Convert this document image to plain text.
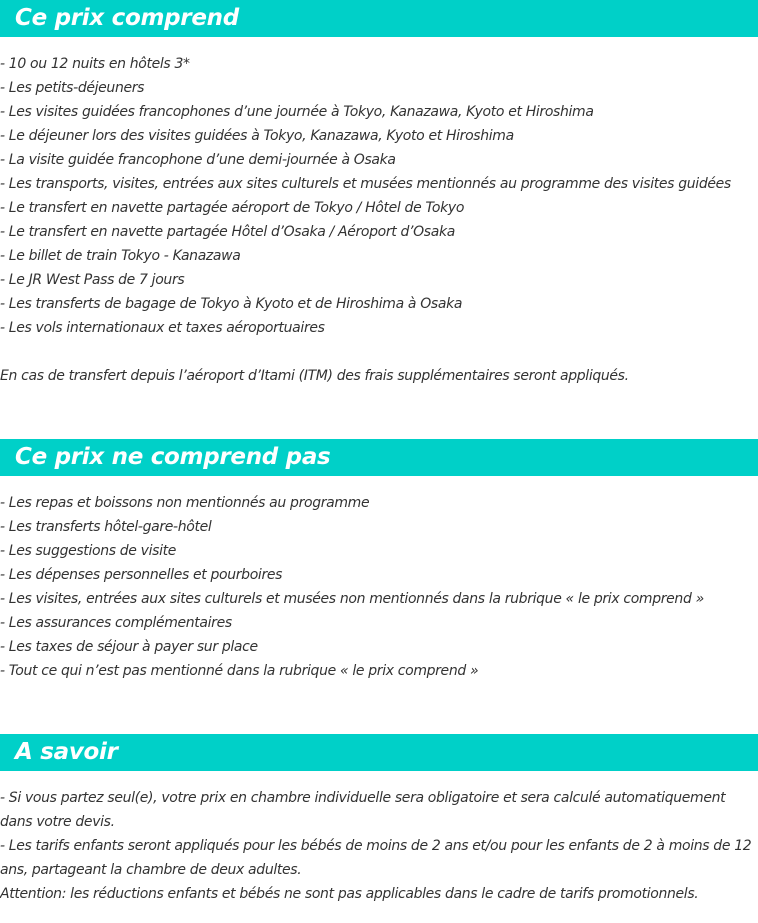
Ce prix comprend

- 10 ou 12 nuits en hôtels 3*

- Les petits-déjeuners

- Les visites guidées francophones d’une journée à Tokyo, Kanazawa, Kyoto et Hiroshima

- Le déjeuner lors des visites guidées à Tokyo, Kanazawa, Kyoto et Hiroshima

- La visite guidée francophone d’une demi-journée à Osaka

- Les transports, visites, entrées aux sites culturels et musées mentionnés au programme des visites guidées

- Le transfert en navette partagée aéroport de Tokyo / Hôtel de Tokyo

- Le transfert en navette partagée Hôtel d’Osaka / Aéroport d’Osaka

- Le billet de train Tokyo - Kanazawa

- Le JR West Pass de 7 jours

- Les transferts de bagage de Tokyo à Kyoto et de Hiroshima à Osaka

- Les vols internationaux et taxes aéroportuaires

En cas de transfert depuis l’aéroport d’Itami (ITM) des frais supplémentaires seront appliqués.

Ce prix ne comprend pas

- Les repas et boissons non mentionnés au programme

- Les transferts hôtel-gare-hôtel

- Les suggestions de visite

- Les dépenses personnelles et pourboires

- Les visites, entrées aux sites culturels et musées non mentionnés dans la rubrique « le prix comprend »

- Les assurances complémentaires

- Les taxes de séjour à payer sur place

- Tout ce qui n’est pas mentionné dans la rubrique « le prix comprend »

A savoir

- Si vous partez seul(e), votre prix en chambre individuelle sera obligatoire et sera calculé automatiquement dans votre devis.

- Les tarifs enfants seront appliqués pour les bébés de moins de 2 ans et/ou pour les enfants de 2 à moins de 12 ans, partageant la chambre de deux adultes.

Attention: les réductions enfants et bébés ne sont pas applicables dans le cadre de tarifs promotionnels.
